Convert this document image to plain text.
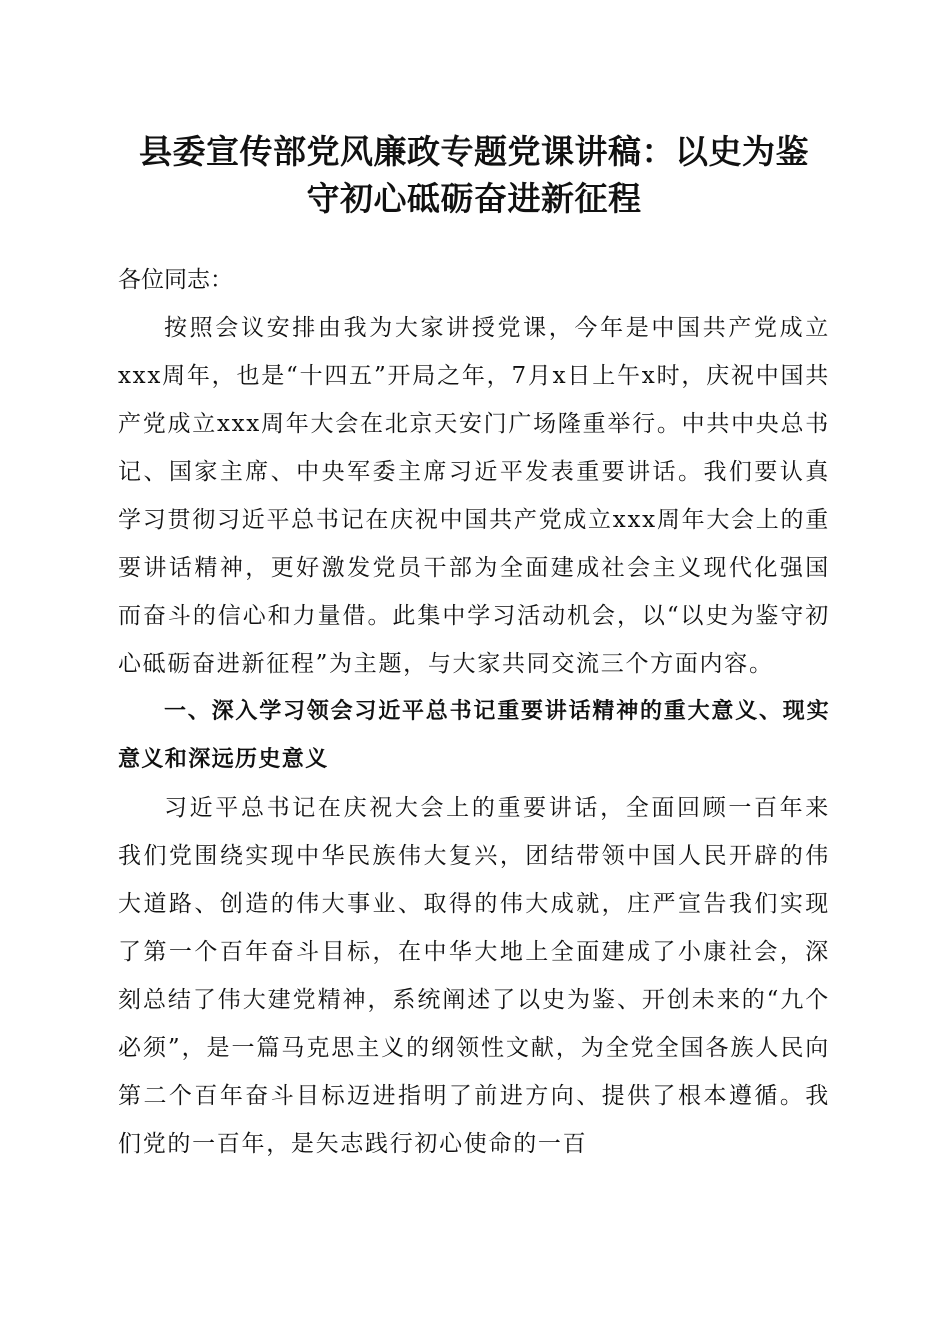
县委宣传部党风廉政专题党课讲稿：以史为鉴
守初心砥砺奋进新征程

各位同志：

按照会议安排由我为大家讲授党课，今年是中国共产党成立xxx周年，也是“十四五”开局之年，7月x日上午x时，庆祝中国共产党成立xxx周年大会在北京天安门广场隆重举行。中共中央总书记、国家主席、中央军委主席习近平发表重要讲话。我们要认真学习贯彻习近平总书记在庆祝中国共产党成立xxx周年大会上的重要讲话精神，更好激发党员干部为全面建成社会主义现代化强国而奋斗的信心和力量借。此集中学习活动机会，以“以史为鉴守初心砥砺奋进新征程”为主题，与大家共同交流三个方面内容。

一、深入学习领会习近平总书记重要讲话精神的重大意义、现实意义和深远历史意义

习近平总书记在庆祝大会上的重要讲话，全面回顾一百年来我们党围绕实现中华民族伟大复兴，团结带领中国人民开辟的伟大道路、创造的伟大事业、取得的伟大成就，庄严宣告我们实现了第一个百年奋斗目标，在中华大地上全面建成了小康社会，深刻总结了伟大建党精神，系统阐述了以史为鉴、开创未来的“九个必须”，是一篇马克思主义的纲领性文献，为全党全国各族人民向第二个百年奋斗目标迈进指明了前进方向、提供了根本遵循。我们党的一百年，是矢志践行初心使命的一百
